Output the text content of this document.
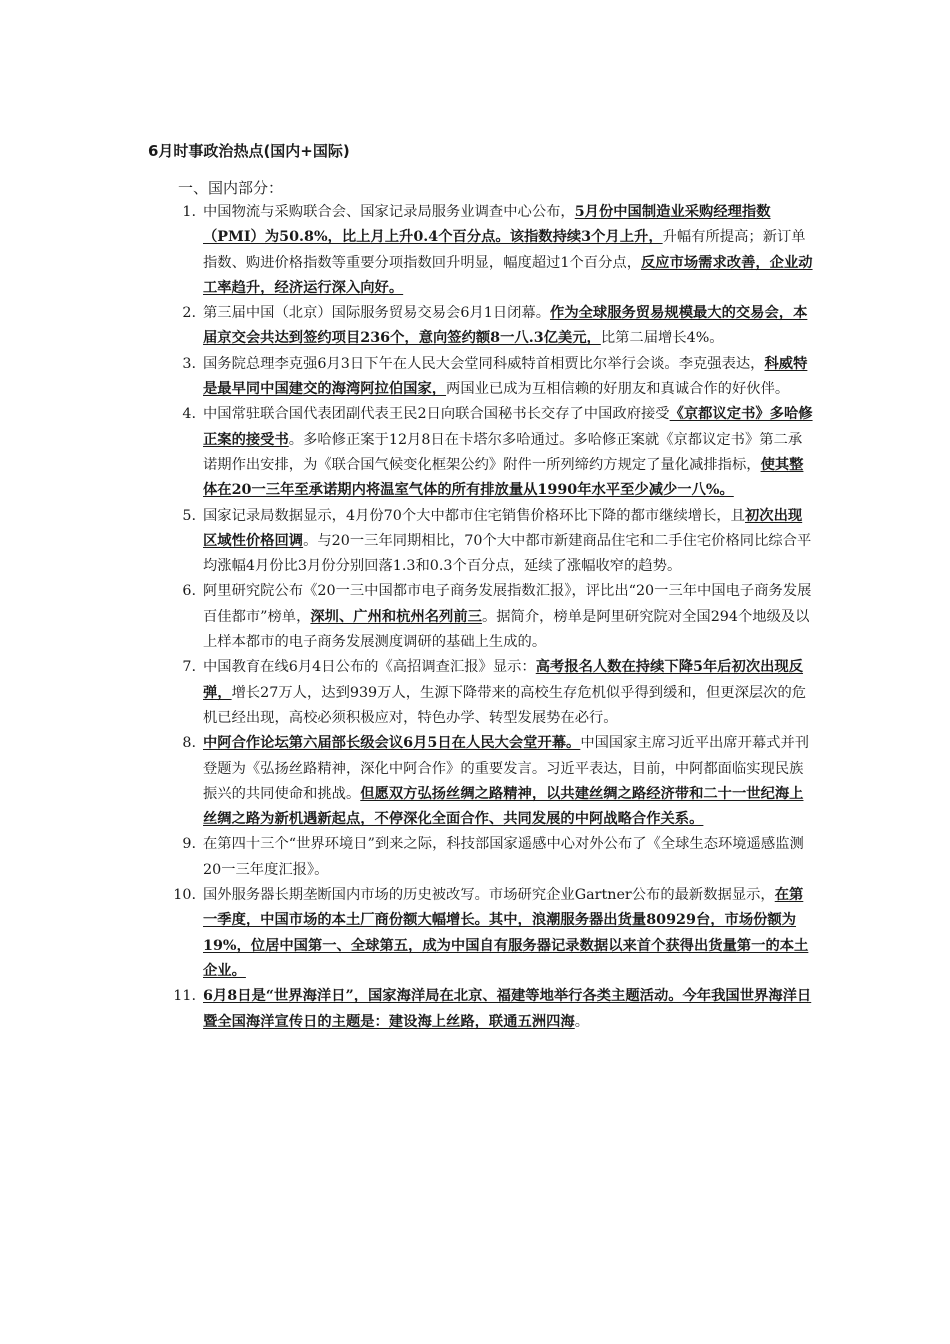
6月时事政治热点(国内+国际)
一、国内部分：
1. 中国物流与采购联合会、国家记录局服务业调查中心公布，5月份中国制造业采购经理指数（PMI）为50.8%，比上月上升0.4个百分点。该指数持续3个月上升，升幅有所提高；新订单指数、购进价格指数等重要分项指数回升明显，幅度超过1个百分点，反应市场需求改善，企业动工率趋升，经济运行深入向好。
2. 第三届中国（北京）国际服务贸易交易会6月1日闭幕。作为全球服务贸易规模最大的交易会，本届京交会共达到签约项目236个，意向签约额8一八.3亿美元，比第二届增长4%。
3. 国务院总理李克强6月3日下午在人民大会堂同科威特首相贾比尔举行会谈。李克强表达，科威特是最早同中国建交的海湾阿拉伯国家，两国业已成为互相信赖的好朋友和真诚合作的好伙伴。
4. 中国常驻联合国代表团副代表王民2日向联合国秘书长交存了中国政府接受《京都议定书》多哈修正案的接受书。多哈修正案于12月8日在卡塔尔多哈通过。多哈修正案就《京都议定书》第二承诺期作出安排，为《联合国气候变化框架公约》附件一所列缔约方规定了量化减排指标，使其整体在20一三年至承诺期内将温室气体的所有排放量从1990年水平至少减少一八%。
5. 国家记录局数据显示，4月份70个大中都市住宅销售价格环比下降的都市继续增长，且初次出现区域性价格回调。与20一三年同期相比，70个大中都市新建商品住宅和二手住宅价格同比综合平均涨幅4月份比3月份分别回落1.3和0.3个百分点，延续了涨幅收窄的趋势。
6. 阿里研究院公布《20一三中国都市电子商务发展指数汇报》，评比出“20一三年中国电子商务发展百佳都市”榜单，深圳、广州和杭州名列前三。据简介，榜单是阿里研究院对全国294个地级及以上样本都市的电子商务发展测度调研的基础上生成的。
7. 中国教育在线6月4日公布的《高招调查汇报》显示：高考报名人数在持续下降5年后初次出现反弹，增长27万人，达到939万人，生源下降带来的高校生存危机似乎得到缓和，但更深层次的危机已经出现，高校必须积极应对，特色办学、转型发展势在必行。
8. 中阿合作论坛第六届部长级会议6月5日在人民大会堂开幕。中国国家主席习近平出席开幕式并刊登题为《弘扬丝路精神，深化中阿合作》的重要发言。习近平表达，目前，中阿都面临实现民族振兴的共同使命和挑战。但愿双方弘扬丝绸之路精神，以共建丝绸之路经济带和二十一世纪海上丝绸之路为新机遇新起点，不停深化全面合作、共同发展的中阿战略合作关系。
9. 在第四十三个“世界环境日”到来之际，科技部国家遥感中心对外公布了《全球生态环境遥感监测20一三年度汇报》。
10. 国外服务器长期垄断国内市场的历史被改写。市场研究企业Gartner公布的最新数据显示，在第一季度，中国市场的本土厂商份额大幅增长。其中，浪潮服务器出货量80929台，市场份额为19%，位居中国第一、全球第五，成为中国自有服务器记录数据以来首个获得出货量第一的本土企业。
11. 6月8日是“世界海洋日”，国家海洋局在北京、福建等地举行各类主题活动。今年我国世界海洋日暨全国海洋宣传日的主题是：建设海上丝路，联通五洲四海。
